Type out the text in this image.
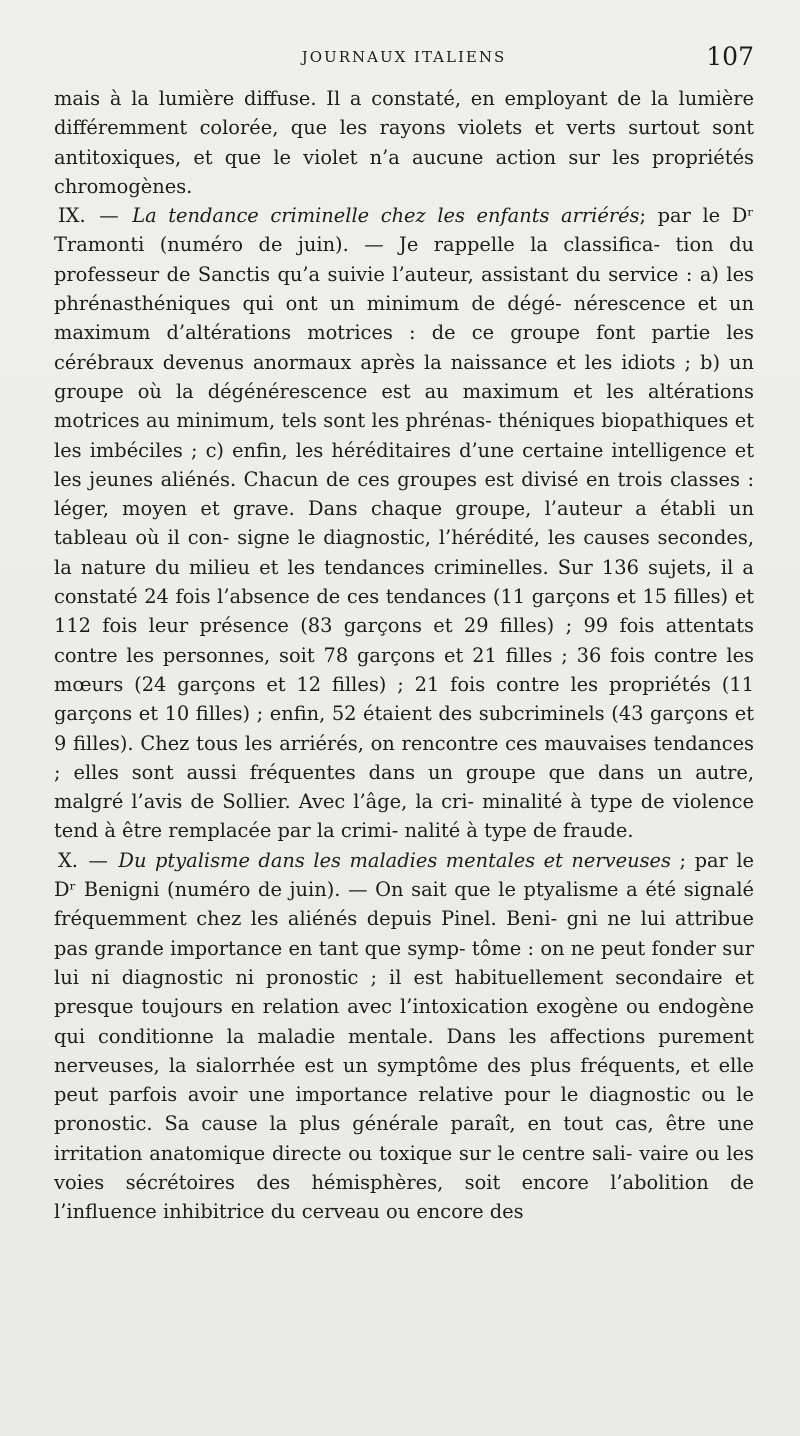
JOURNAUX ITALIENS	107

mais à la lumière diffuse. Il a constaté, en employant de la lumière différemment colorée, que les rayons violets et verts surtout sont antitoxiques, et que le violet n’a aucune action sur les propriétés chromogènes.

IX. — La tendance criminelle chez les enfants arriérés; par le Dʳ Tramonti (numéro de juin). — Je rappelle la classifica- tion du professeur de Sanctis qu’a suivie l’auteur, assistant du service : a) les phrénasthéniques qui ont un minimum de dégé- nérescence et un maximum d’altérations motrices : de ce groupe font partie les cérébraux devenus anormaux après la naissance et les idiots ; b) un groupe où la dégénérescence est au maximum et les altérations motrices au minimum, tels sont les phrénas- théniques biopathiques et les imbéciles ; c) enfin, les héréditaires d’une certaine intelligence et les jeunes aliénés. Chacun de ces groupes est divisé en trois classes : léger, moyen et grave. Dans chaque groupe, l’auteur a établi un tableau où il con- signe le diagnostic, l’hérédité, les causes secondes, la nature du milieu et les tendances criminelles. Sur 136 sujets, il a constaté 24 fois l’absence de ces tendances (11 garçons et 15 filles) et 112 fois leur présence (83 garçons et 29 filles) ; 99 fois attentats contre les personnes, soit 78 garçons et 21 filles ; 36 fois contre les mœurs (24 garçons et 12 filles) ; 21 fois contre les propriétés (11 garçons et 10 filles) ; enfin, 52 étaient des subcriminels (43 garçons et 9 filles). Chez tous les arriérés, on rencontre ces mauvaises tendances ; elles sont aussi fréquentes dans un groupe que dans un autre, malgré l’avis de Sollier. Avec l’âge, la cri- minalité à type de violence tend à être remplacée par la crimi- nalité à type de fraude.

X. — Du ptyalisme dans les maladies mentales et nerveuses ; par le Dʳ Benigni (numéro de juin). — On sait que le ptyalisme a été signalé fréquemment chez les aliénés depuis Pinel. Beni- gni ne lui attribue pas grande importance en tant que symp- tôme : on ne peut fonder sur lui ni diagnostic ni pronostic ; il est habituellement secondaire et presque toujours en relation avec l’intoxication exogène ou endogène qui conditionne la maladie mentale. Dans les affections purement nerveuses, la sialorrhée est un symptôme des plus fréquents, et elle peut parfois avoir une importance relative pour le diagnostic ou le pronostic. Sa cause la plus générale paraît, en tout cas, être une irritation anatomique directe ou toxique sur le centre sali- vaire ou les voies sécrétoires des hémisphères, soit encore l’abolition de l’influence inhibitrice du cerveau ou encore des
